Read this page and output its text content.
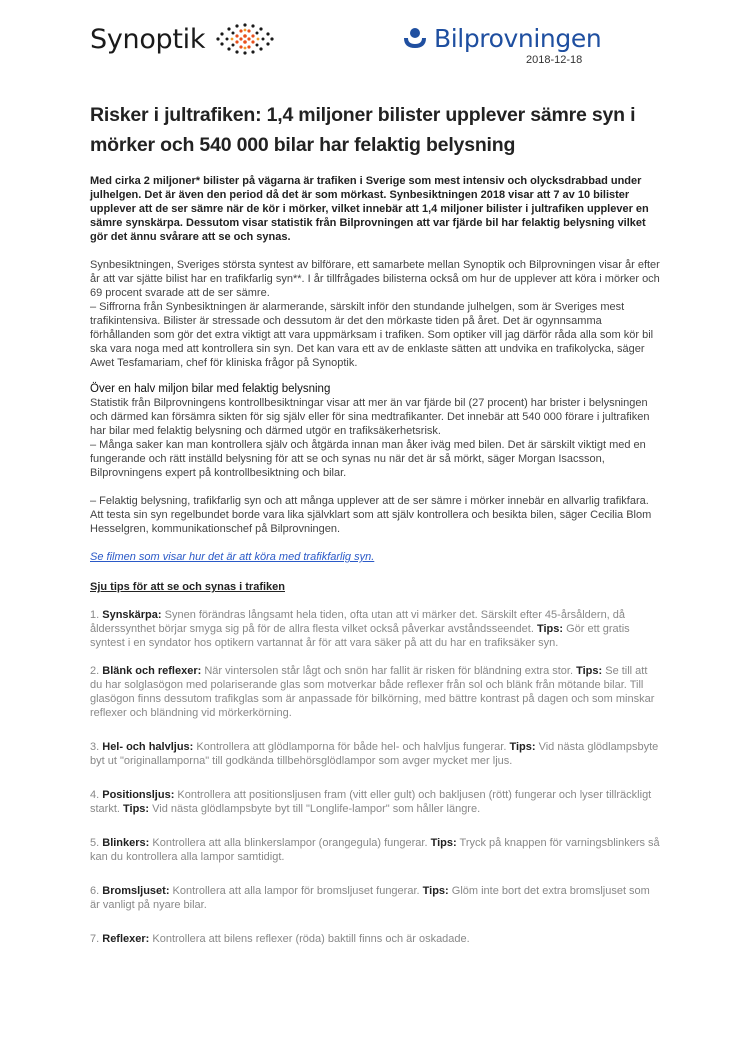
Synoptik	Bilprovningen
2018-12-18
Risker i jultrafiken: 1,4 miljoner bilister upplever sämre syn i mörker och 540 000 bilar har felaktig belysning
Med cirka 2 miljoner* bilister på vägarna är trafiken i Sverige som mest intensiv och olycksdrabbad under julhelgen. Det är även den period då det är som mörkast. Synbesiktningen 2018 visar att 7 av 10 bilister upplever att de ser sämre när de kör i mörker, vilket innebär att 1,4 miljoner bilister i jultrafiken upplever en sämre synskärpa. Dessutom visar statistik från Bilprovningen att var fjärde bil har felaktig belysning vilket gör det ännu svårare att se och synas.

Synbesiktningen, Sveriges största syntest av bilförare, ett samarbete mellan Synoptik och Bilprovningen visar år efter år att var sjätte bilist har en trafikfarlig syn**. I år tillfrågades bilisterna också om hur de upplever att köra i mörker och 69 procent svarade att de ser sämre.

– Siffrorna från Synbesiktningen är alarmerande, särskilt inför den stundande julhelgen, som är Sveriges mest trafikintensiva. Bilister är stressade och dessutom är det den mörkaste tiden på året. Det är ogynnsamma förhållanden som gör det extra viktigt att vara uppmärksam i trafiken. Som optiker vill jag därför råda alla som kör bil ska vara noga med att kontrollera sin syn. Det kan vara ett av de enklaste sätten att undvika en trafikolycka, säger Awet Tesfamariam, chef för kliniska frågor på Synoptik.

Över en halv miljon bilar med felaktig belysning

Statistik från Bilprovningens kontrollbesiktningar visar att mer än var fjärde bil (27 procent) har brister i belysningen och därmed kan försämra sikten för sig själv eller för sina medtrafikanter. Det innebär att 540 000 förare i jultrafiken har bilar med felaktig belysning och därmed utgör en trafiksäkerhetsrisk.

– Många saker kan man kontrollera själv och åtgärda innan man åker iväg med bilen. Det är särskilt viktigt med en fungerande och rätt inställd belysning för att se och synas nu när det är så mörkt, säger Morgan Isacsson, Bilprovningens expert på kontrollbesiktning och bilar.

– Felaktig belysning, trafikfarlig syn och att många upplever att de ser sämre i mörker innebär en allvarlig trafikfara. Att testa sin syn regelbundet borde vara lika självklart som att själv kontrollera och besikta bilen, säger Cecilia Blom Hesselgren, kommunikationschef på Bilprovningen.

Se filmen som visar hur det är att köra med trafikfarlig syn.
Sju tips för att se och synas i trafiken
1. Synskärpa: Synen förändras långsamt hela tiden, ofta utan att vi märker det. Särskilt efter 45-årsåldern, då ålderssynthet börjar smyga sig på för de allra flesta vilket också påverkar avståndsseendet. Tips: Gör ett gratis syntest i en syndator hos optikern vartannat år för att vara säker på att du har en trafiksäker syn.
2. Blänk och reflexer: När vintersolen står lågt och snön har fallit är risken för bländning extra stor. Tips: Se till att du har solglasögon med polariserande glas som motverkar både reflexer från sol och blänk från mötande bilar. Till glasögon finns dessutom trafikglas som är anpassade för bilkörning, med bättre kontrast på dagen och som minskar reflexer och bländning vid mörkerkörning.
3. Hel- och halvljus: Kontrollera att glödlamporna för både hel- och halvljus fungerar. Tips: Vid nästa glödlampsbyte byt ut "originallamporna" till godkända tillbehörsglödlampor som avger mycket mer ljus.
4. Positionsljus: Kontrollera att positionsljusen fram (vitt eller gult) och bakljusen (rött) fungerar och lyser tillräckligt starkt. Tips: Vid nästa glödlampsbyte byt till "Longlife-lampor" som håller längre.
5. Blinkers: Kontrollera att alla blinkerslampor (orangegula) fungerar. Tips: Tryck på knappen för varningsblinkers så kan du kontrollera alla lampor samtidigt.
6. Bromsljuset: Kontrollera att alla lampor för bromsljuset fungerar. Tips: Glöm inte bort det extra bromsljuset som är vanligt på nyare bilar.
7. Reflexer: Kontrollera att bilens reflexer (röda) baktill finns och är oskadade.
